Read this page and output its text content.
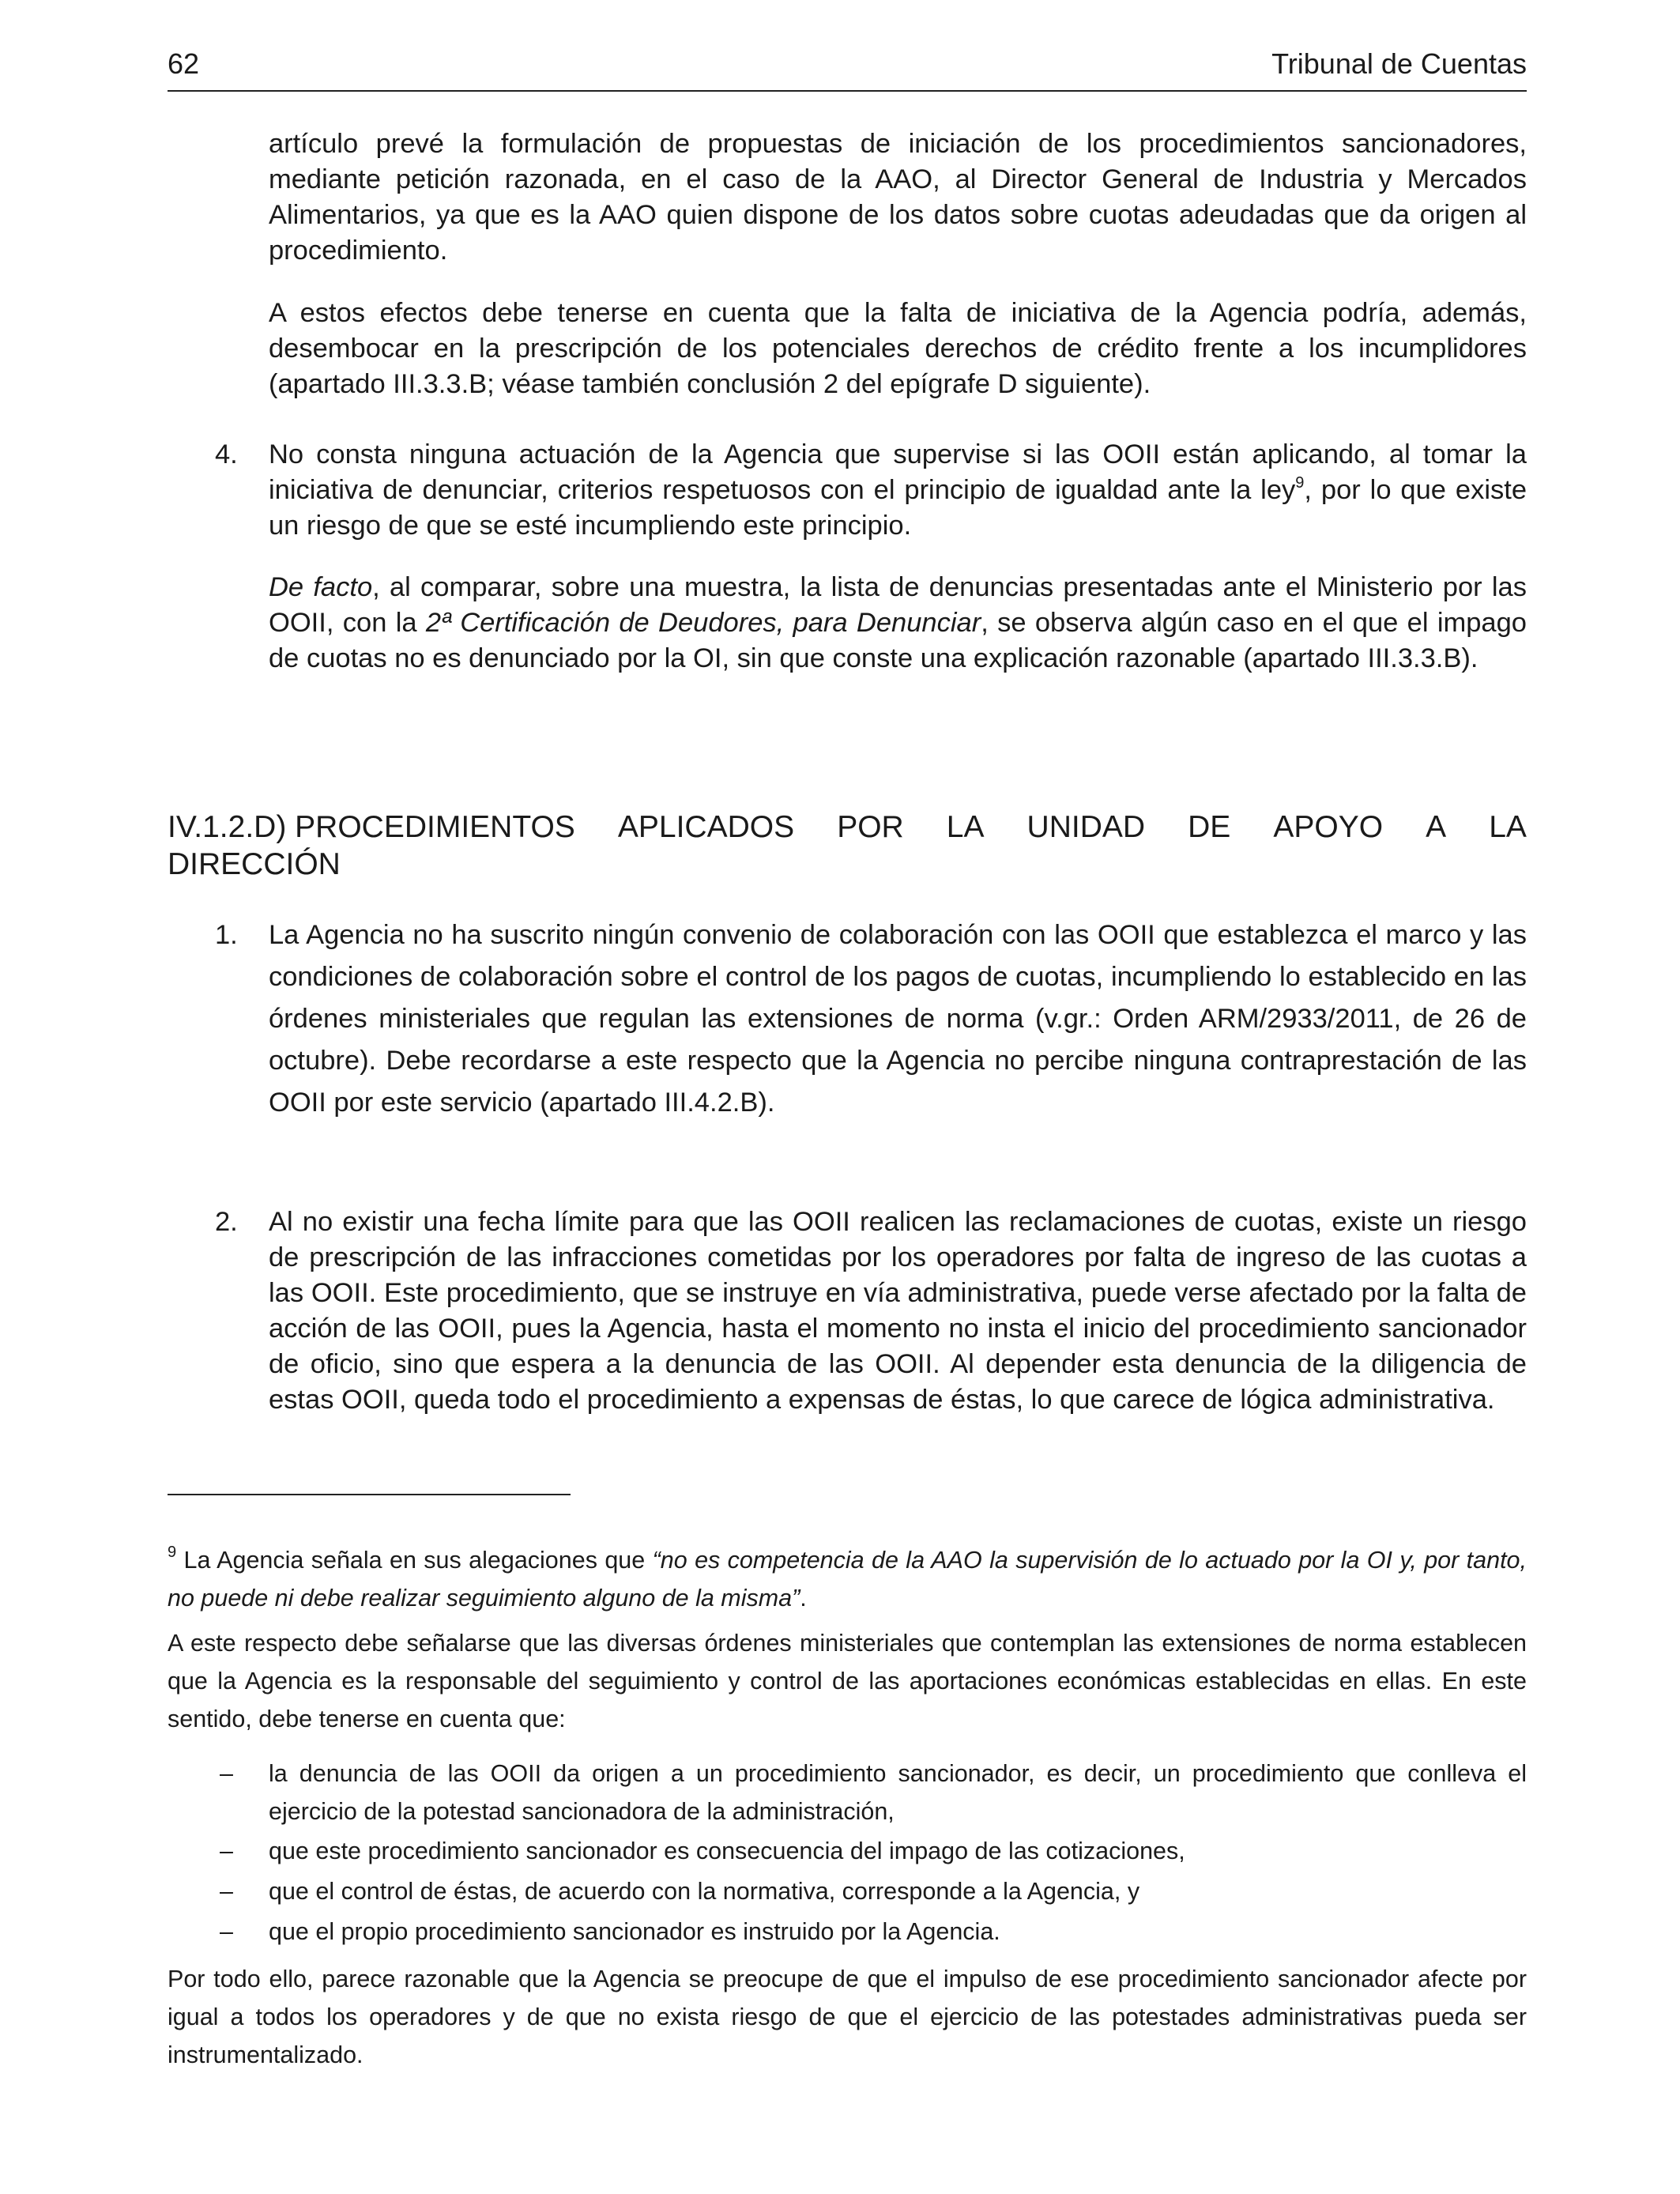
62	Tribunal de Cuentas

artículo prevé la formulación de propuestas de iniciación de los procedimientos sancionadores, mediante petición razonada, en el caso de la AAO, al Director General de Industria y Mercados Alimentarios, ya que es la AAO quien dispone de los datos sobre cuotas adeudadas que da origen al procedimiento.

A estos efectos debe tenerse en cuenta que la falta de iniciativa de la Agencia podría, además, desembocar en la prescripción de los potenciales derechos de crédito frente a los incumplidores (apartado III.3.3.B; véase también conclusión 2 del epígrafe D siguiente).

4. No consta ninguna actuación de la Agencia que supervise si las OOII están aplicando, al tomar la iniciativa de denunciar, criterios respetuosos con el principio de igualdad ante la ley$^9$, por lo que existe un riesgo de que se esté incumpliendo este principio.

De facto, al comparar, sobre una muestra, la lista de denuncias presentadas ante el Ministerio por las OOII, con la 2ª Certificación de Deudores, para Denunciar, se observa algún caso en el que el impago de cuotas no es denunciado por la OI, sin que conste una explicación razonable (apartado III.3.3.B).

IV.1.2.D) PROCEDIMIENTOS APLICADOS POR LA UNIDAD DE APOYO A LA
DIRECCIÓN
1. La Agencia no ha suscrito ningún convenio de colaboración con las OOII que establezca el marco y las condiciones de colaboración sobre el control de los pagos de cuotas, incumpliendo lo establecido en las órdenes ministeriales que regulan las extensiones de norma (v.gr.: Orden ARM/2933/2011, de 26 de octubre). Debe recordarse a este respecto que la Agencia no percibe ninguna contraprestación de las OOII por este servicio (apartado III.4.2.B).

2. Al no existir una fecha límite para que las OOII realicen las reclamaciones de cuotas, existe un riesgo de prescripción de las infracciones cometidas por los operadores por falta de ingreso de las cuotas a las OOII. Este procedimiento, que se instruye en vía administrativa, puede verse afectado por la falta de acción de las OOII, pues la Agencia, hasta el momento no insta el inicio del procedimiento sancionador de oficio, sino que espera a la denuncia de las OOII. Al depender esta denuncia de la diligencia de estas OOII, queda todo el procedimiento a expensas de éstas, lo que carece de lógica administrativa.

$^9$ La Agencia señala en sus alegaciones que “no es competencia de la AAO la supervisión de lo actuado por la OI y, por tanto, no puede ni debe realizar seguimiento alguno de la misma”.

A este respecto debe señalarse que las diversas órdenes ministeriales que contemplan las extensiones de norma establecen que la Agencia es la responsable del seguimiento y control de las aportaciones económicas establecidas en ellas. En este sentido, debe tenerse en cuenta que:

– la denuncia de las OOII da origen a un procedimiento sancionador, es decir, un procedimiento que conlleva el ejercicio de la potestad sancionadora de la administración,

– que este procedimiento sancionador es consecuencia del impago de las cotizaciones,

– que el control de éstas, de acuerdo con la normativa, corresponde a la Agencia, y

– que el propio procedimiento sancionador es instruido por la Agencia.

Por todo ello, parece razonable que la Agencia se preocupe de que el impulso de ese procedimiento sancionador afecte por igual a todos los operadores y de que no exista riesgo de que el ejercicio de las potestades administrativas pueda ser instrumentalizado.
